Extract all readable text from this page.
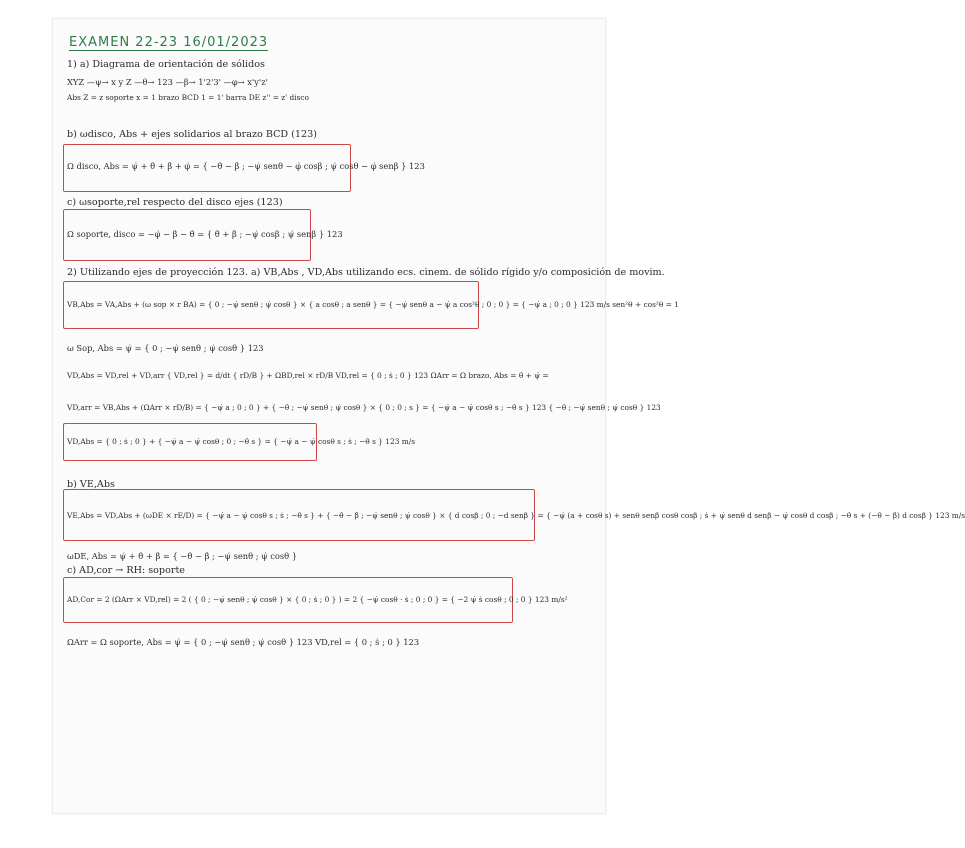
EXAMEN 22-23 16/01/2023
1) a) Diagrama de orientación de sólidos
XYZ —ψ→ x y Z —θ→ 123 —β→ 1'2'3' —φ→ x'y'z'
Abs Z = z soporte x = 1 brazo BCD 1 = 1' barra DE z'' = z' disco
b) ωdisco, Abs + ejes solidarios al brazo BCD (123)
Ω disco, Abs = ψ̇ + θ̇ + β̇ + φ̇ = { −θ̇ − β̇ ; −ψ̇ senθ − φ̇ cosβ ; ψ̇ cosθ − φ̇ senβ } 123
c) ωsoporte,rel respecto del disco ejes (123)
Ω soporte, disco = −φ̇ − β̇ − θ̇ = { θ̇ + β̇ ; −ψ̇ cosβ ; ψ̇ senβ } 123
2) Utilizando ejes de proyección 123. a) VB,Abs , VD,Abs utilizando ecs. cinem. de sólido rígido y/o composición de movim.
VB,Abs = VA,Abs + (ω sop × r BA) = { 0 ; −ψ̇ senθ ; ψ̇ cosθ } × { a cosθ ; a senθ } = { −ψ̇ senθ a − ψ̇ a cos²θ ; 0 ; 0 } = { −ψ̇ a ; 0 ; 0 } 123 m/s sen²θ + cos²θ = 1
ω Sop, Abs = ψ̇ = { 0 ; −ψ̇ senθ ; ψ̇ cosθ } 123
VD,Abs = VD,rel + VD,arr { VD,rel } = d/dt { rD/B } + ΩBD,rel × rD/B VD,rel = { 0 ; ṡ ; 0 } 123 ΩArr = Ω brazo, Abs = θ̇ + ψ̇ =
VD,arr = VB,Abs + (ΩArr × rD/B) = { −ψ̇ a ; 0 ; 0 } + { −θ̇ ; −ψ̇ senθ ; ψ̇ cosθ } × { 0 ; 0 ; s } = { −ψ̇ a − ψ̇ cosθ s ; −θ̇ s } 123 { −θ̇ ; −ψ̇ senθ ; ψ̇ cosθ } 123
VD,Abs = { 0 ; ṡ ; 0 } + { −ψ̇ a − ψ̇ cosθ ; 0 ; −θ̇ s } = { −ψ̇ a − ψ̇ cosθ s ; ṡ ; −θ̇ s } 123 m/s
b) VE,Abs
VE,Abs = VD,Abs + (ωDE × rE/D) = { −ψ̇ a − ψ̇ cosθ s ; ṡ ; −θ̇ s } + { −θ̇ − β̇ ; −ψ̇ senθ ; ψ̇ cosθ } × { d cosβ ; 0 ; −d senβ } = { −ψ̇ (a + cosθ s) + senθ senβ cosθ cosβ ; ṡ + ψ̇ senθ d senβ − ψ̇ cosθ d cosβ ; −θ̇ s + (−θ̇ − β̇) d cosβ } 123 m/s
ωDE, Abs = ψ̇ + θ̇ + β̇ = { −θ̇ − β̇ ; −ψ̇ senθ ; ψ̇ cosθ }
c) AD,cor → RH: soporte
AD,Cor = 2 (ΩArr × VD,rel) = 2 ( { 0 ; −ψ̇ senθ ; ψ̇ cosθ } × { 0 ; ṡ ; 0 } ) = 2 { −ψ̇ cosθ · ṡ ; 0 ; 0 } = { −2 ψ̇ ṡ cosθ ; 0 ; 0 } 123 m/s²
ΩArr = Ω soporte, Abs = ψ̇ = { 0 ; −ψ̇ senθ ; ψ̇ cosθ } 123 VD,rel = { 0 ; ṡ ; 0 } 123
